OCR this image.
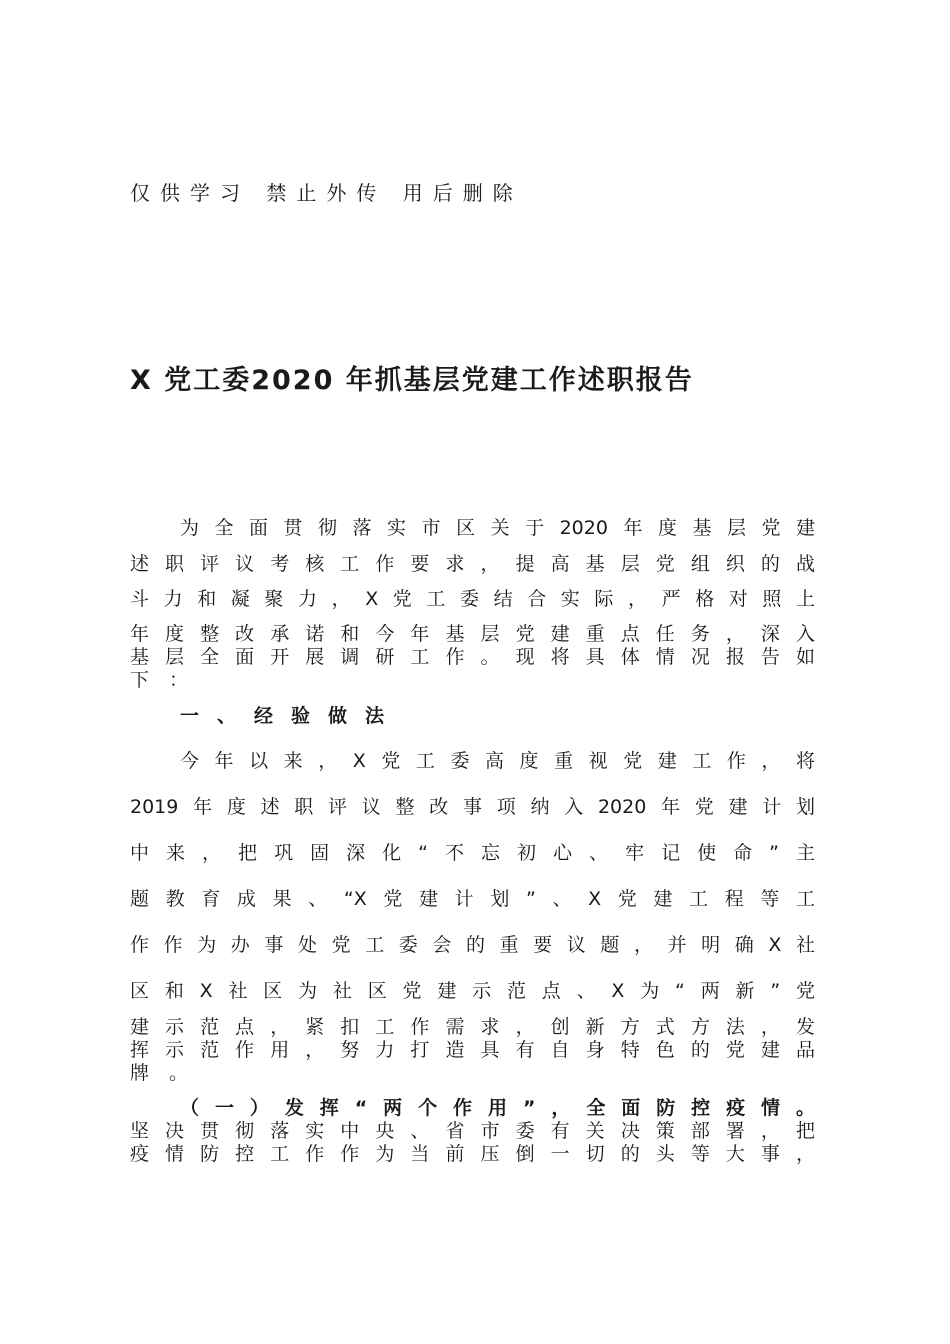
仅供学习 禁止外传 用后删除
X 党工委2020 年抓基层党建工作述职报告
为全面贯彻落实市区关于2020年度基层党建
述职评议考核工作要求，提高基层党组织的战
斗力和凝聚力，X党工委结合实际，严格对照上
年度整改承诺和今年基层党建重点任务，深入
基层全面开展调研工作。现将具体情况报告如
下：
一、经验做法
今年以来，X党工委高度重视党建工作，将
2019年度述职评议整改事项纳入2020年党建计划
中来，把巩固深化“不忘初心、牢记使命”主
题教育成果、“X党建计划”、X党建工程等工
作作为办事处党工委会的重要议题，并明确X社
区和X社区为社区党建示范点、X为“两新”党
建示范点，紧扣工作需求，创新方式方法，发
挥示范作用，努力打造具有自身特色的党建品
牌。
（一）发挥“两个作用”，全面防控疫情。
坚决贯彻落实中央、省市委有关决策部署，把
疫情防控工作作为当前压倒一切的头等大事，
